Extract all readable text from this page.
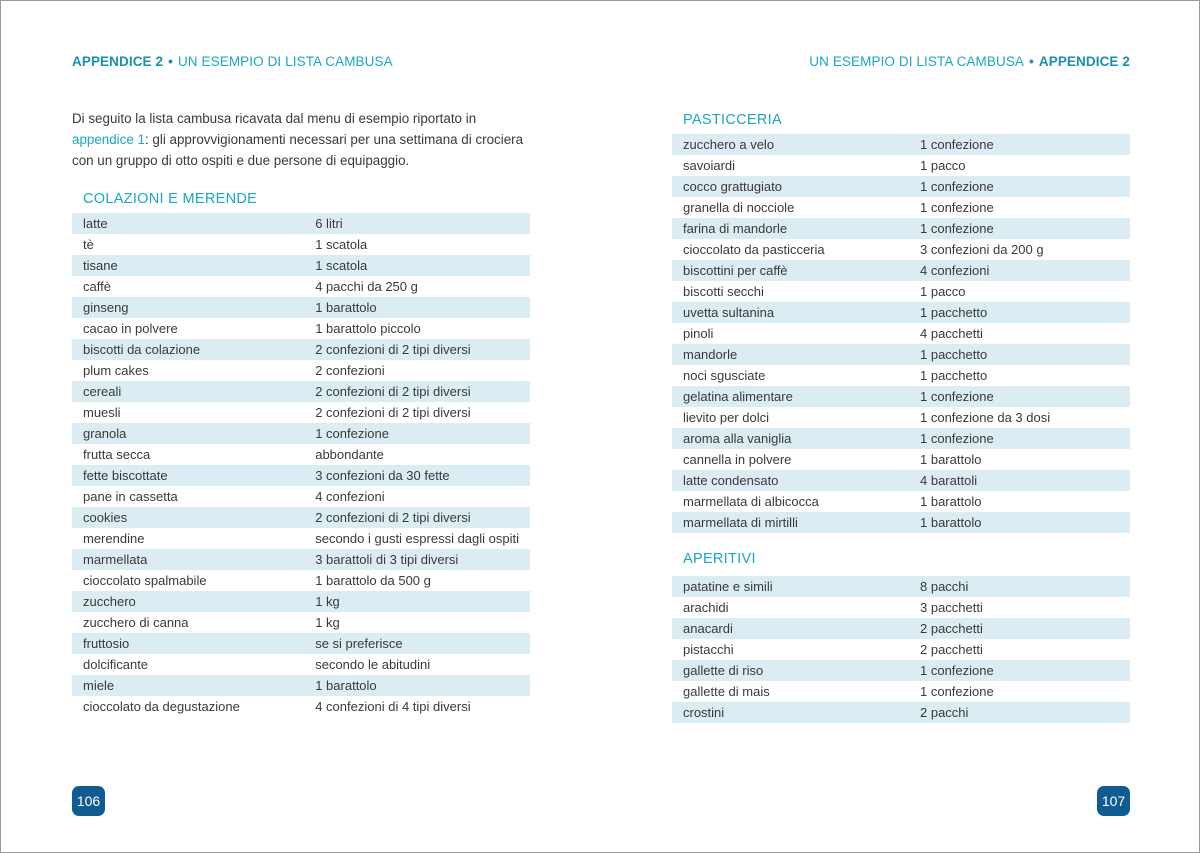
APPENDICE 2 • UN ESEMPIO DI LISTA CAMBUSA

Di seguito la lista cambusa ricavata dal menu di esempio riportato in appendice 1: gli approvvigionamenti necessari per una settimana di crociera con un gruppo di otto ospiti e due persone di equipaggio.

COLAZIONI E MERENDE
latte	6 litri
tè	1 scatola
tisane	1 scatola
caffè	4 pacchi da 250 g
ginseng	1 barattolo
cacao in polvere	1 barattolo piccolo
biscotti da colazione	2 confezioni di 2 tipi diversi
plum cakes	2 confezioni
cereali	2 confezioni di 2 tipi diversi
muesli	2 confezioni di 2 tipi diversi
granola	1 confezione
frutta secca	abbondante
fette biscottate	3 confezioni da 30 fette
pane in cassetta	4 confezioni
cookies	2 confezioni di 2 tipi diversi
merendine	secondo i gusti espressi dagli ospiti
marmellata	3 barattoli di 3 tipi diversi
cioccolato spalmabile	1 barattolo da 500 g
zucchero	1 kg
zucchero di canna	1 kg
fruttosio	se si preferisce
dolcificante	secondo le abitudini
miele	1 barattolo
cioccolato da degustazione	4 confezioni di 4 tipi diversi
106
UN ESEMPIO DI LISTA CAMBUSA • APPENDICE 2
PASTICCERIA
zucchero a velo	1 confezione
savoiardi	1 pacco
cocco grattugiato	1 confezione
granella di nocciole	1 confezione
farina di mandorle	1 confezione
cioccolato da pasticceria	3 confezioni da 200 g
biscottini per caffè	4 confezioni
biscotti secchi	1 pacco
uvetta sultanina	1 pacchetto
pinoli	4 pacchetti
mandorle	1 pacchetto
noci sgusciate	1 pacchetto
gelatina alimentare	1 confezione
lievito per dolci	1 confezione da 3 dosi
aroma alla vaniglia	1 confezione
cannella in polvere	1 barattolo
latte condensato	4 barattoli
marmellata di albicocca	1 barattolo
marmellata di mirtilli	1 barattolo
APERITIVI
patatine e simili	8 pacchi
arachidi	3 pacchetti
anacardi	2 pacchetti
pistacchi	2 pacchetti
gallette di riso	1 confezione
gallette di mais	1 confezione
crostini	2 pacchi
107
